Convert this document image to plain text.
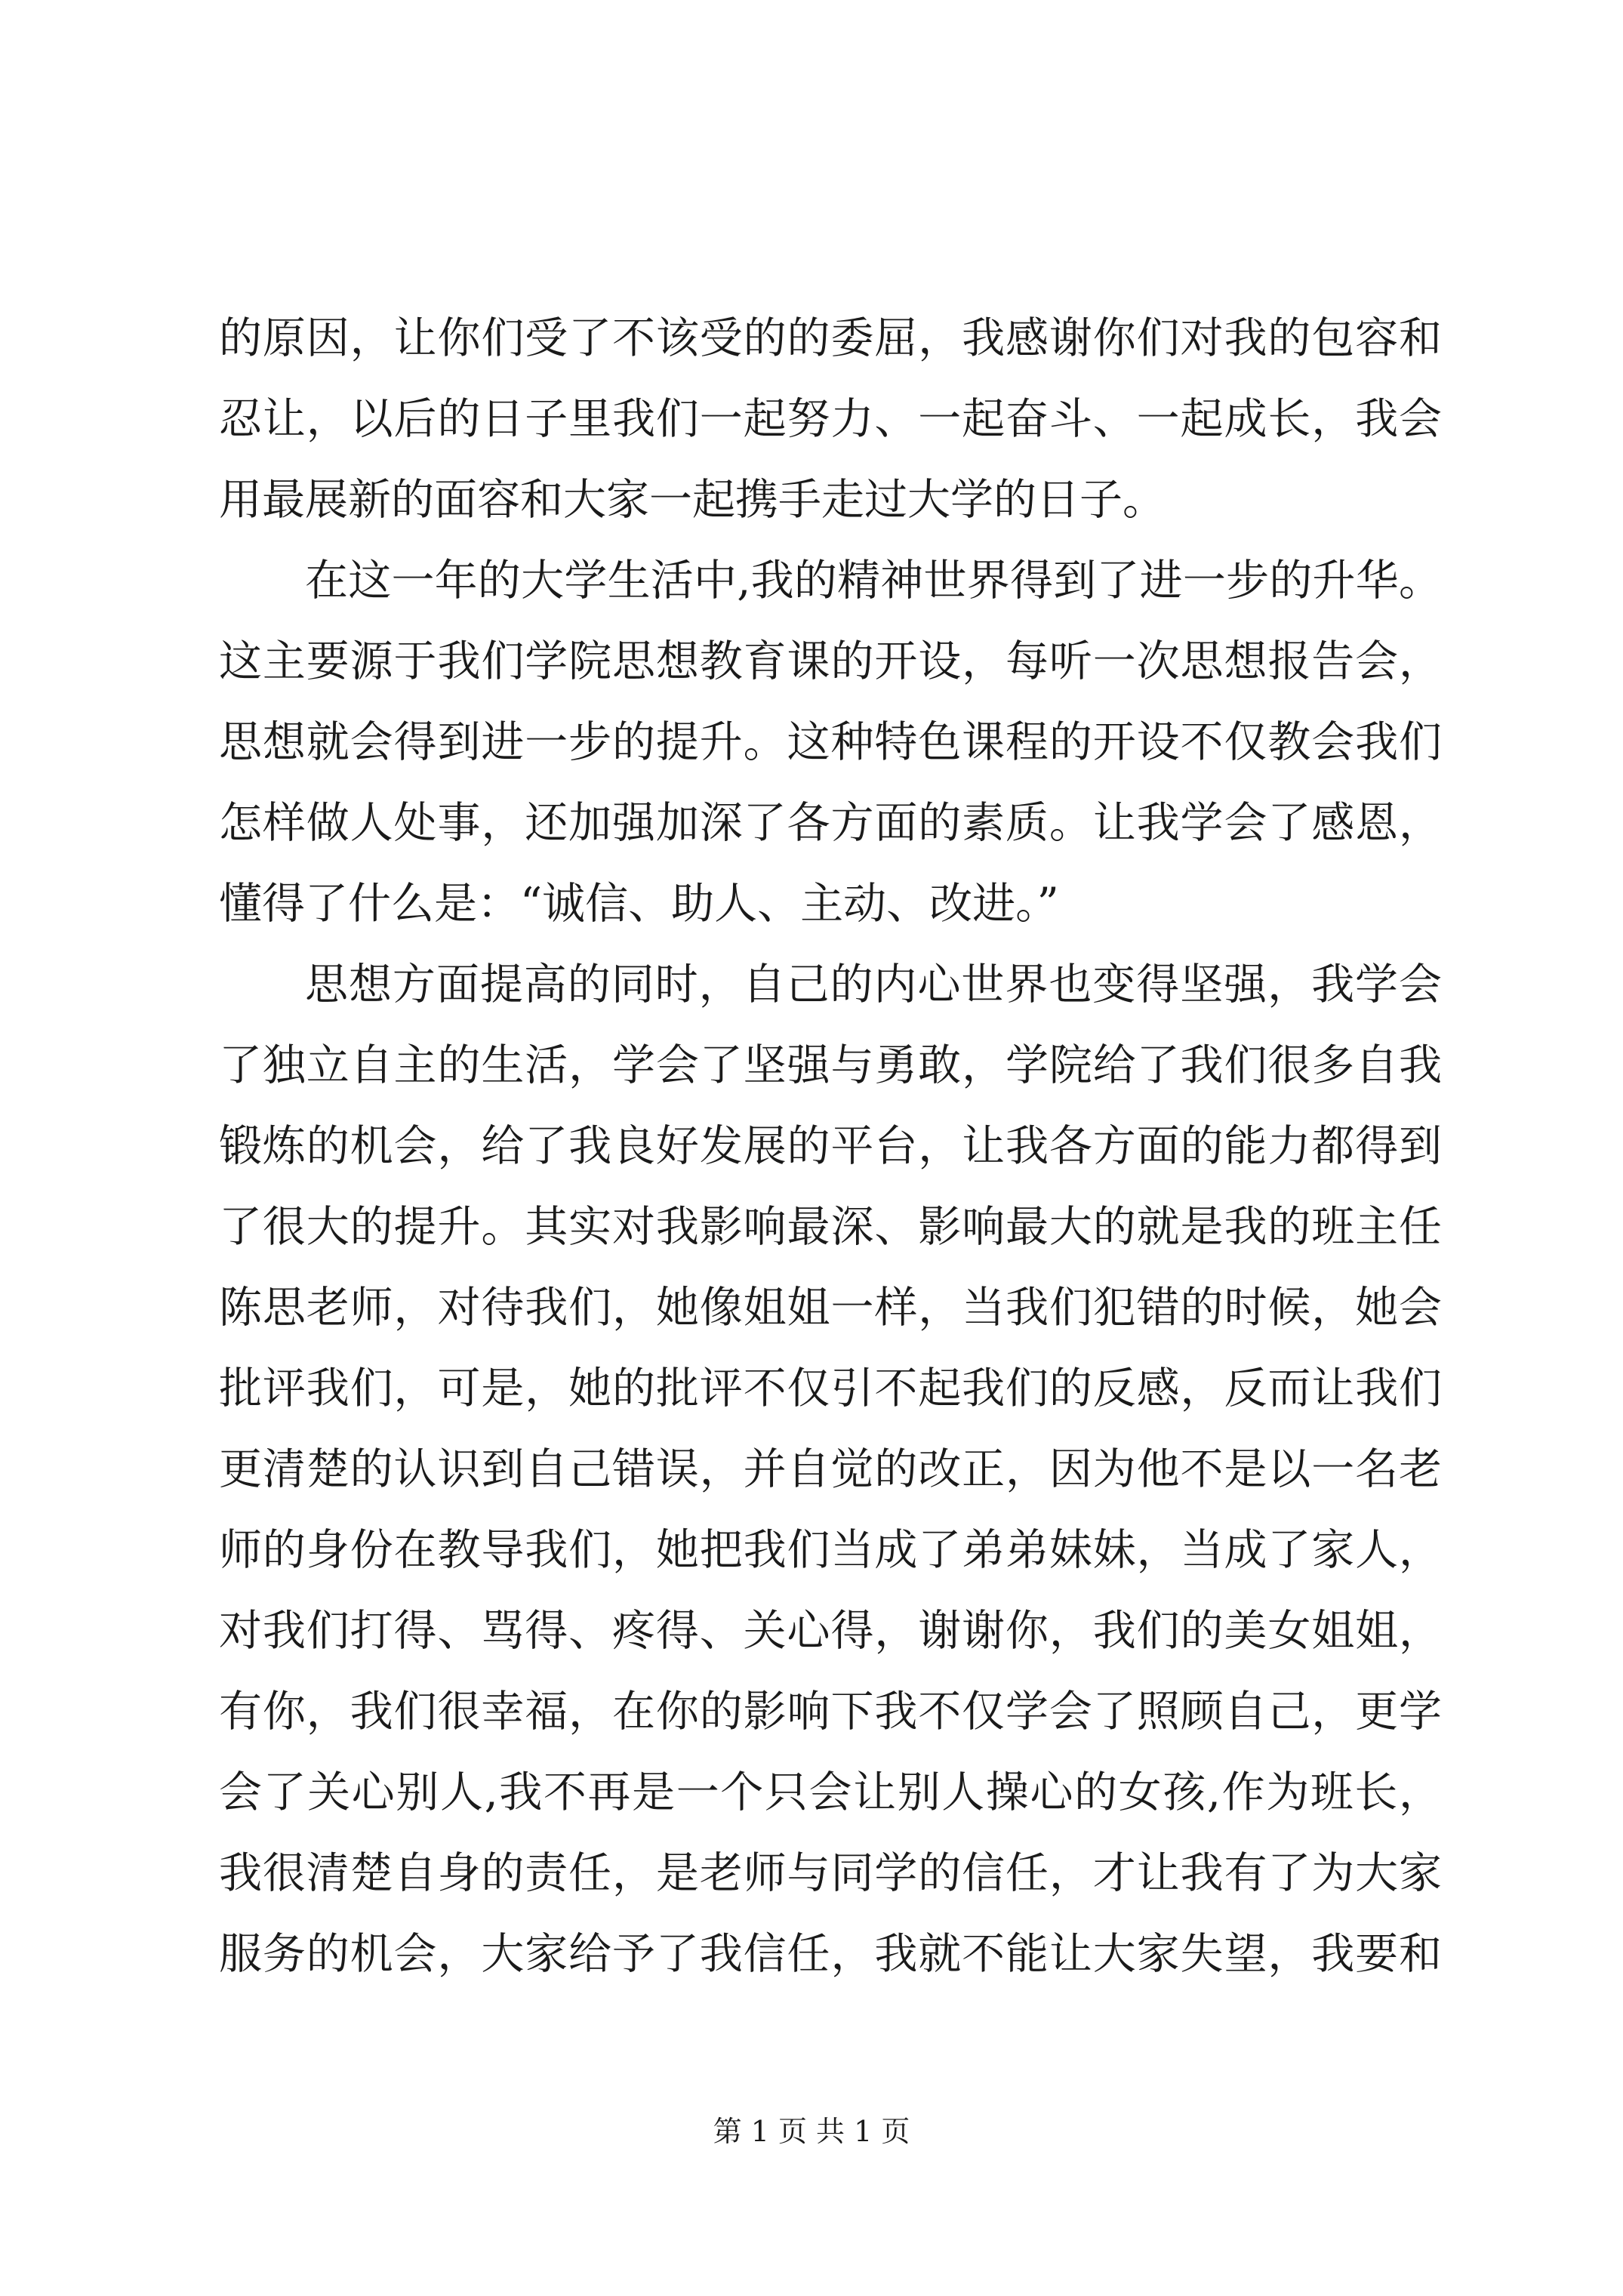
的原因，让你们受了不该受的的委屈，我感谢你们对我的包容和
忍让，以后的日子里我们一起努力、一起奋斗、一起成长，我会
用最展新的面容和大家一起携手走过大学的日子。
在这一年的大学生活中,我的精神世界得到了进一步的升华。
这主要源于我们学院思想教育课的开设，每听一次思想报告会，
思想就会得到进一步的提升。这种特色课程的开设不仅教会我们
怎样做人处事，还加强加深了各方面的素质。让我学会了感恩，
懂得了什么是：“诚信、助人、主动、改进。”
思想方面提高的同时，自己的内心世界也变得坚强，我学会
了独立自主的生活，学会了坚强与勇敢，学院给了我们很多自我
锻炼的机会，给了我良好发展的平台，让我各方面的能力都得到
了很大的提升。其实对我影响最深、影响最大的就是我的班主任
陈思老师，对待我们，她像姐姐一样，当我们犯错的时候，她会
批评我们，可是，她的批评不仅引不起我们的反感，反而让我们
更清楚的认识到自己错误，并自觉的改正，因为他不是以一名老
师的身份在教导我们，她把我们当成了弟弟妹妹，当成了家人，
对我们打得、骂得、疼得、关心得，谢谢你，我们的美女姐姐，
有你，我们很幸福，在你的影响下我不仅学会了照顾自己，更学
会了关心别人,我不再是一个只会让别人操心的女孩,作为班长，
我很清楚自身的责任，是老师与同学的信任，才让我有了为大家
服务的机会，大家给予了我信任，我就不能让大家失望，我要和
第 1 页 共 1 页
